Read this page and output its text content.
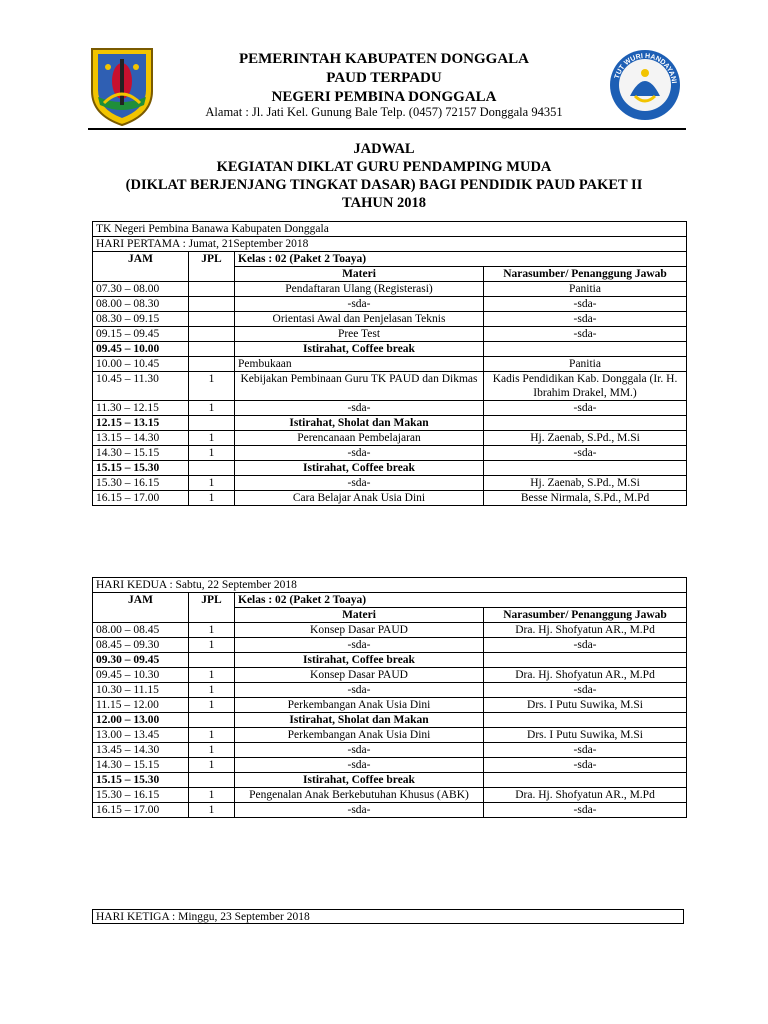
TUT WURI HANDAYANI
PEMERINTAH KABUPATEN DONGGALA
PAUD TERPADU
NEGERI PEMBINA DONGGALA
Alamat : Jl. Jati Kel. Gunung Bale Telp. (0457) 72157 Donggala 94351
JADWAL
KEGIATAN DIKLAT GURU PENDAMPING MUDA
(DIKLAT BERJENJANG TINGKAT DASAR) BAGI PENDIDIK PAUD PAKET II
TAHUN 2018
TK Negeri Pembina Banawa Kabupaten Donggala			
HARI PERTAMA : Jumat, 21September 2018			
JAM	JPL	Kelas : 02 (Paket 2 Toaya)	
		Materi	Narasumber/ Penanggung Jawab
07.30 – 08.00		Pendaftaran Ulang (Registerasi)	Panitia
08.00 – 08.30		-sda-	-sda-
08.30 – 09.15		Orientasi Awal dan Penjelasan Teknis	-sda-
09.15 – 09.45		Pree Test	-sda-
09.45 – 10.00		Istirahat, Coffee break	
10.00 – 10.45		Pembukaan	Panitia
10.45 – 11.30	1	Kebijakan Pembinaan Guru TK PAUD dan Dikmas	Kadis Pendidikan Kab. Donggala (Ir. H. Ibrahim Drakel, MM.)
11.30 – 12.15	1	-sda-	-sda-
12.15 – 13.15		Istirahat, Sholat dan Makan	
13.15 – 14.30	1	Perencanaan Pembelajaran	Hj. Zaenab, S.Pd., M.Si
14.30 – 15.15	1	-sda-	-sda-
15.15 – 15.30		Istirahat, Coffee break	
15.30 – 16.15	1	-sda-	Hj. Zaenab, S.Pd., M.Si
16.15 – 17.00	1	Cara Belajar Anak Usia Dini	Besse Nirmala, S.Pd., M.Pd
HARI KEDUA : Sabtu, 22 September 2018			
JAM	JPL	Kelas : 02 (Paket 2 Toaya)	
		Materi	Narasumber/ Penanggung Jawab
08.00 – 08.45	1	Konsep Dasar PAUD	Dra. Hj. Shofyatun AR., M.Pd
08.45 – 09.30	1	-sda-	-sda-
09.30 – 09.45		Istirahat, Coffee break	
09.45 – 10.30	1	Konsep Dasar PAUD	Dra. Hj. Shofyatun AR., M.Pd
10.30 – 11.15	1	-sda-	-sda-
11.15 – 12.00	1	Perkembangan Anak Usia Dini	Drs. I Putu Suwika, M.Si
12.00 – 13.00		Istirahat, Sholat dan Makan	
13.00 – 13.45	1	Perkembangan Anak Usia Dini	Drs. I Putu Suwika, M.Si
13.45 – 14.30	1	-sda-	-sda-
14.30 – 15.15	1	-sda-	-sda-
15.15 – 15.30		Istirahat, Coffee break	
15.30 – 16.15	1	Pengenalan Anak Berkebutuhan Khusus (ABK)	Dra. Hj. Shofyatun AR., M.Pd
16.15 – 17.00	1	-sda-	-sda-
HARI KETIGA : Minggu, 23 September 2018
